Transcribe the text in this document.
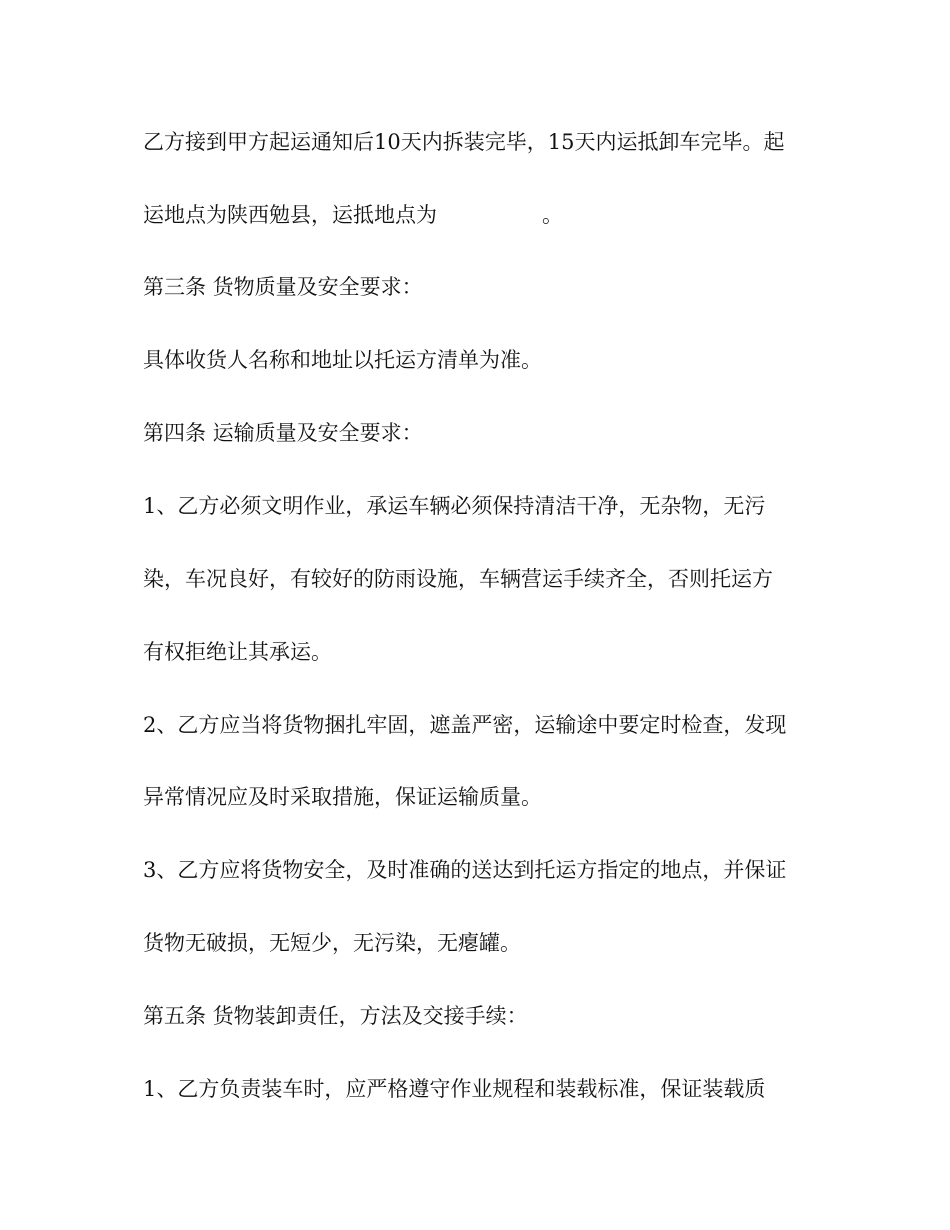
乙方接到甲方起运通知后10天内拆装完毕，15天内运抵卸车完毕。起
运地点为陕西勉县，运抵地点为　　　　　。
第三条 货物质量及安全要求：
具体收货人名称和地址以托运方清单为准。
第四条 运输质量及安全要求：
1、乙方必须文明作业，承运车辆必须保持清洁干净，无杂物，无污
染，车况良好，有较好的防雨设施，车辆营运手续齐全，否则托运方
有权拒绝让其承运。
2、乙方应当将货物捆扎牢固，遮盖严密，运输途中要定时检查，发现
异常情况应及时采取措施，保证运输质量。
3、乙方应将货物安全，及时准确的送达到托运方指定的地点，并保证
货物无破损，无短少，无污染，无瘪罐。
第五条 货物装卸责任，方法及交接手续：
1、乙方负责装车时，应严格遵守作业规程和装载标准，保证装载质
